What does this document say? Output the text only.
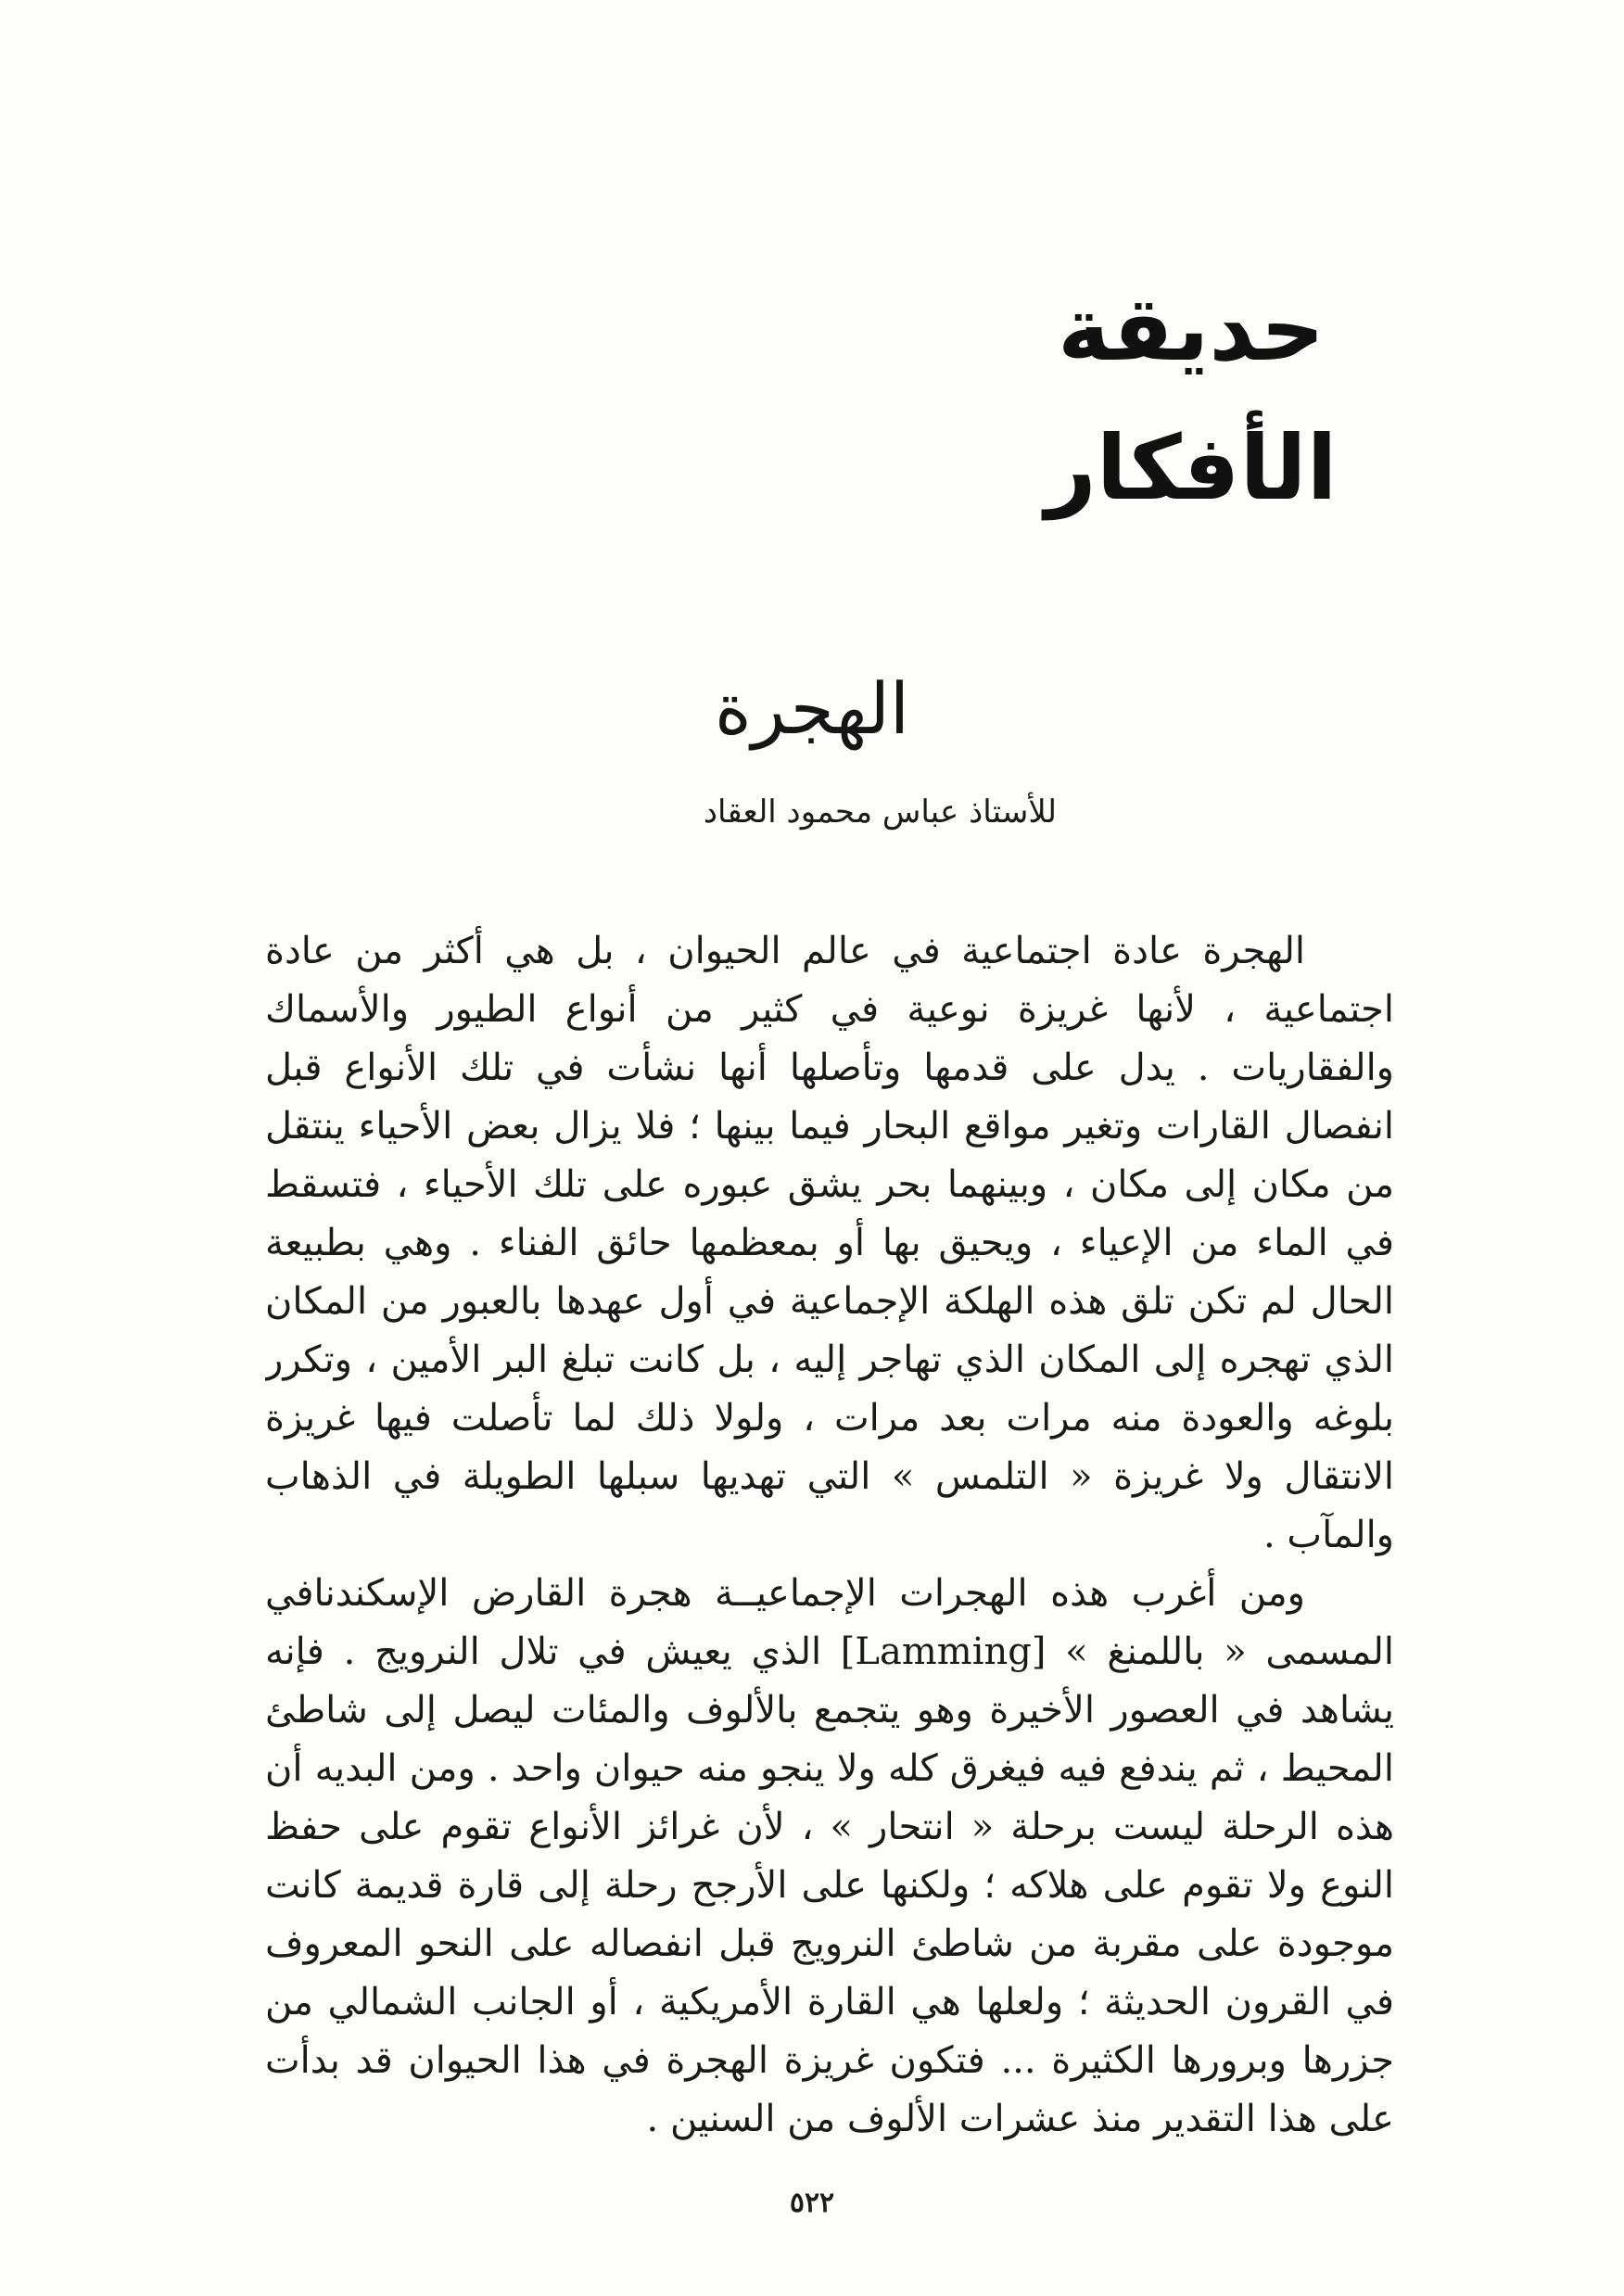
حديقة الأفكار
الهجرة
للأستاذ عباس محمود العقاد

الهجرة عادة اجتماعية في عالم الحيوان ، بل هي أكثر من عادة اجتماعية ، لأنها غريزة نوعية في كثير من أنواع الطيور والأسماك والفقاريات . يدل على قدمها وتأصلها أنها نشأت في تلك الأنواع قبل انفصال القارات وتغير مواقع البحار فيما بينها ؛ فلا يزال بعض الأحياء ينتقل من مكان إلى مكان ، وبينهما بحر يشق عبوره على تلك الأحياء ، فتسقط في الماء من الإعياء ، ويحيق بها أو بمعظمها حائق الفناء . وهي بطبيعة الحال لم تكن تلق هذه الهلكة الإجماعية في أول عهدها بالعبور من المكان الذي تهجره إلى المكان الذي تهاجر إليه ، بل كانت تبلغ البر الأمين ، وتكرر بلوغه والعودة منه مرات بعد مرات ، ولولا ذلك لما تأصلت فيها غريزة الانتقال ولا غريزة « التلمس » التي تهديها سبلها الطويلة في الذهاب والمآب .

ومن أغرب هذه الهجرات الإجماعيــة هجرة القارض الإسكندنافي المسمى « باللمنغ » [Lamming] الذي يعيش في تلال النرويج . فإنه يشاهد في العصور الأخيرة وهو يتجمع بالألوف والمئات ليصل إلى شاطئ المحيط ، ثم يندفع فيه فيغرق كله ولا ينجو منه حيوان واحد . ومن البديه أن هذه الرحلة ليست برحلة « انتحار » ، لأن غرائز الأنواع تقوم على حفظ النوع ولا تقوم على هلاكه ؛ ولكنها على الأرجح رحلة إلى قارة قديمة كانت موجودة على مقربة من شاطئ النرويج قبل انفصاله على النحو المعروف في القرون الحديثة ؛ ولعلها هي القارة الأمريكية ، أو الجانب الشمالي من جزرها وبرورها الكثيرة ... فتكون غريزة الهجرة في هذا الحيوان قد بدأت على هذا التقدير منذ عشرات الألوف من السنين .

٥٢٢
